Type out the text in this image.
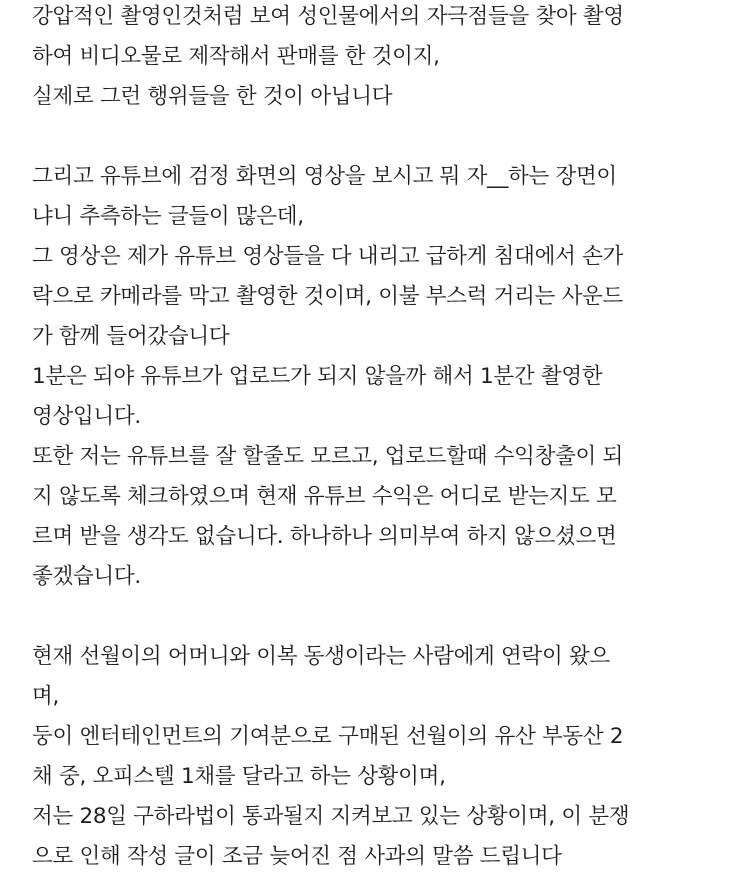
강압적인 촬영인것처럼 보여 성인물에서의 자극점들을 찾아 촬영
하여 비디오물로 제작해서 판매를 한 것이지,
실제로 그런 행위들을 한 것이 아닙니다
그리고 유튜브에 검정 화면의 영상을 보시고 뭐 자__하는 장면이
냐니 추측하는 글들이 많은데,
그 영상은 제가 유튜브 영상들을 다 내리고 급하게 침대에서 손가
락으로 카메라를 막고 촬영한 것이며, 이불 부스럭 거리는 사운드
가 함께 들어갔습니다
1분은 되야 유튜브가 업로드가 되지 않을까 해서 1분간 촬영한
영상입니다.
또한 저는 유튜브를 잘 할줄도 모르고, 업로드할때 수익창출이 되
지 않도록 체크하였으며 현재 유튜브 수익은 어디로 받는지도 모
르며 받을 생각도 없습니다. 하나하나 의미부여 하지 않으셨으면
좋겠습니다.
현재 선월이의 어머니와 이복 동생이라는 사람에게 연락이 왔으
며,
둥이 엔터테인먼트의 기여분으로 구매된 선월이의 유산 부동산 2
채 중, 오피스텔 1채를 달라고 하는 상황이며,
저는 28일 구하라법이 통과될지 지켜보고 있는 상황이며, 이 분쟁
으로 인해 작성 글이 조금 늦어진 점 사과의 말씀 드립니다
